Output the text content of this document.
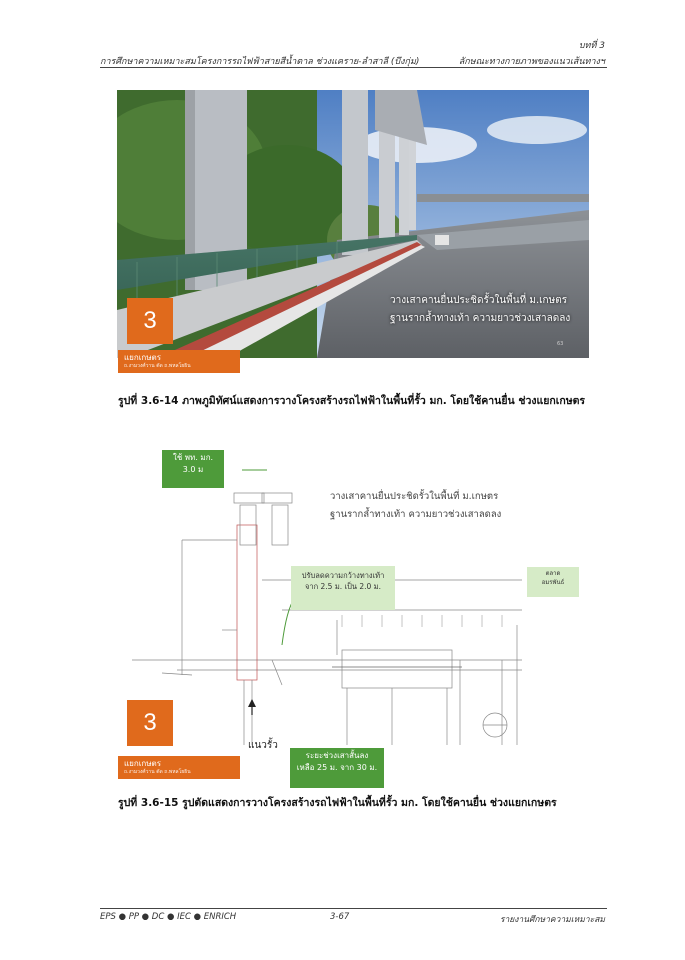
บทที่ 3
การศึกษาความเหมาะสมโครงการรถไฟฟ้าสายสีน้ำตาล ช่วงแคราย-ลำสาลี (บึงกุ่ม)	ลักษณะทางกายภาพของแนวเส้นทางฯ
63
3
แยกเกษตร
ถ.งามวงศ์วาน ตัด ถ.พหลโยธิน
วางเสาคานยื่นประชิดรั้วในพื้นที่ ม.เกษตร
ฐานรากล้ำทางเท้า ความยาวช่วงเสาลดลง
รูปที่ 3.6-14 ภาพภูมิทัศน์แสดงการวางโครงสร้างรถไฟฟ้าในพื้นที่รั้ว มก. โดยใช้คานยื่น ช่วงแยกเกษตร
ใช้ พท. มก.
3.0 ม
วางเสาคานยื่นประชิดรั้วในพื้นที่ ม.เกษตร
ฐานรากล้ำทางเท้า ความยาวช่วงเสาลดลง
ปรับลดความกว้างทางเท้า
จาก 2.5 ม. เป็น 2.0 ม.
ตลาด
อมรพันธ์
แนวรั้ว
ระยะช่วงเสาสั้นลง
เหลือ 25 ม. จาก 30 ม.
3
แยกเกษตร
ถ.งามวงศ์วาน ตัด ถ.พหลโยธิน
รูปที่ 3.6-15 รูปตัดแสดงการวางโครงสร้างรถไฟฟ้าในพื้นที่รั้ว มก. โดยใช้คานยื่น ช่วงแยกเกษตร
EPS ● PP ● DC ● IEC ● ENRICH	3-67	รายงานศึกษาความเหมาะสม
